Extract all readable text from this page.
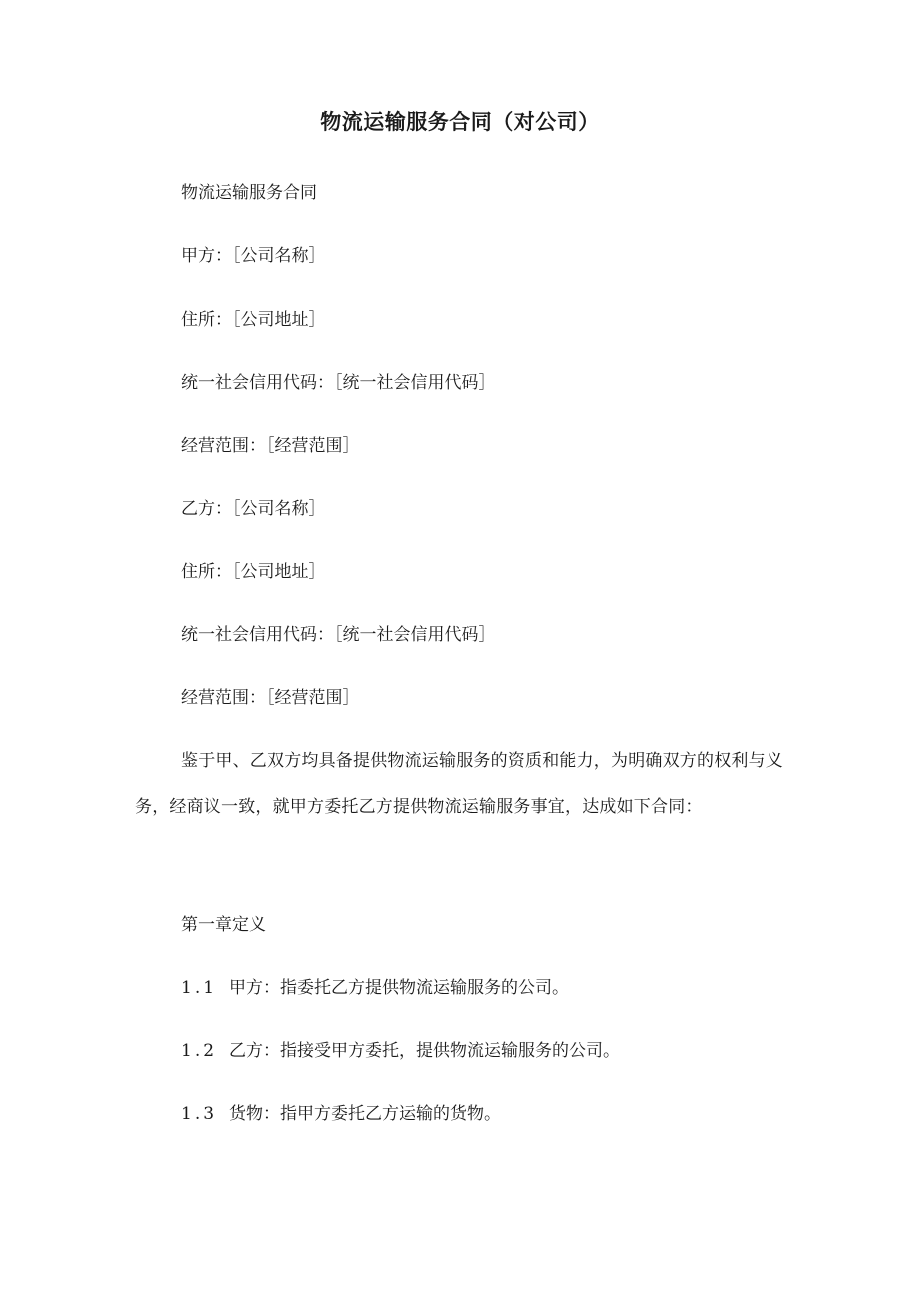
物流运输服务合同（对公司）

物流运输服务合同

甲方：［公司名称］

住所：［公司地址］

统一社会信用代码：［统一社会信用代码］

经营范围：［经营范围］

乙方：［公司名称］

住所：［公司地址］

统一社会信用代码：［统一社会信用代码］

经营范围：［经营范围］

鉴于甲、乙双方均具备提供物流运输服务的资质和能力，为明确双方的权利与义务，经商议一致，就甲方委托乙方提供物流运输服务事宜，达成如下合同：

第一章定义

1.1 甲方：指委托乙方提供物流运输服务的公司。

1.2 乙方：指接受甲方委托，提供物流运输服务的公司。

1.3 货物：指甲方委托乙方运输的货物。
